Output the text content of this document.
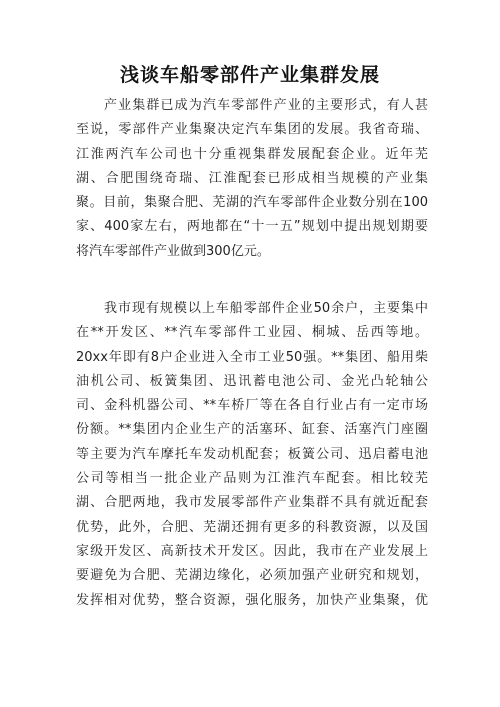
浅谈车船零部件产业集群发展
产业集群已成为汽车零部件产业的主要形式，有人甚
至说，零部件产业集聚决定汽车集团的发展。我省奇瑞、
江淮两汽车公司也十分重视集群发展配套企业。近年芜
湖、合肥围绕奇瑞、江淮配套已形成相当规模的产业集
聚。目前，集聚合肥、芜湖的汽车零部件企业数分别在100
家、400家左右，两地都在“十一五”规划中提出规划期要
将汽车零部件产业做到300亿元。
我市现有规模以上车船零部件企业50余户，主要集中
在**开发区、**汽车零部件工业园、桐城、岳西等地。
20xx年即有8户企业进入全市工业50强。**集团、船用柴
油机公司、板簧集团、迅讯蓄电池公司、金光凸轮轴公
司、金科机器公司、**车桥厂等在各自行业占有一定市场
份额。**集团内企业生产的活塞环、缸套、活塞汽门座圈
等主要为汽车摩托车发动机配套；板簧公司、迅启蓄电池
公司等相当一批企业产品则为江淮汽车配套。相比较芜
湖、合肥两地，我市发展零部件产业集群不具有就近配套
优势，此外，合肥、芜湖还拥有更多的科教资源，以及国
家级开发区、高新技术开发区。因此，我市在产业发展上
要避免为合肥、芜湖边缘化，必须加强产业研究和规划，
发挥相对优势，整合资源，强化服务，加快产业集聚，优
